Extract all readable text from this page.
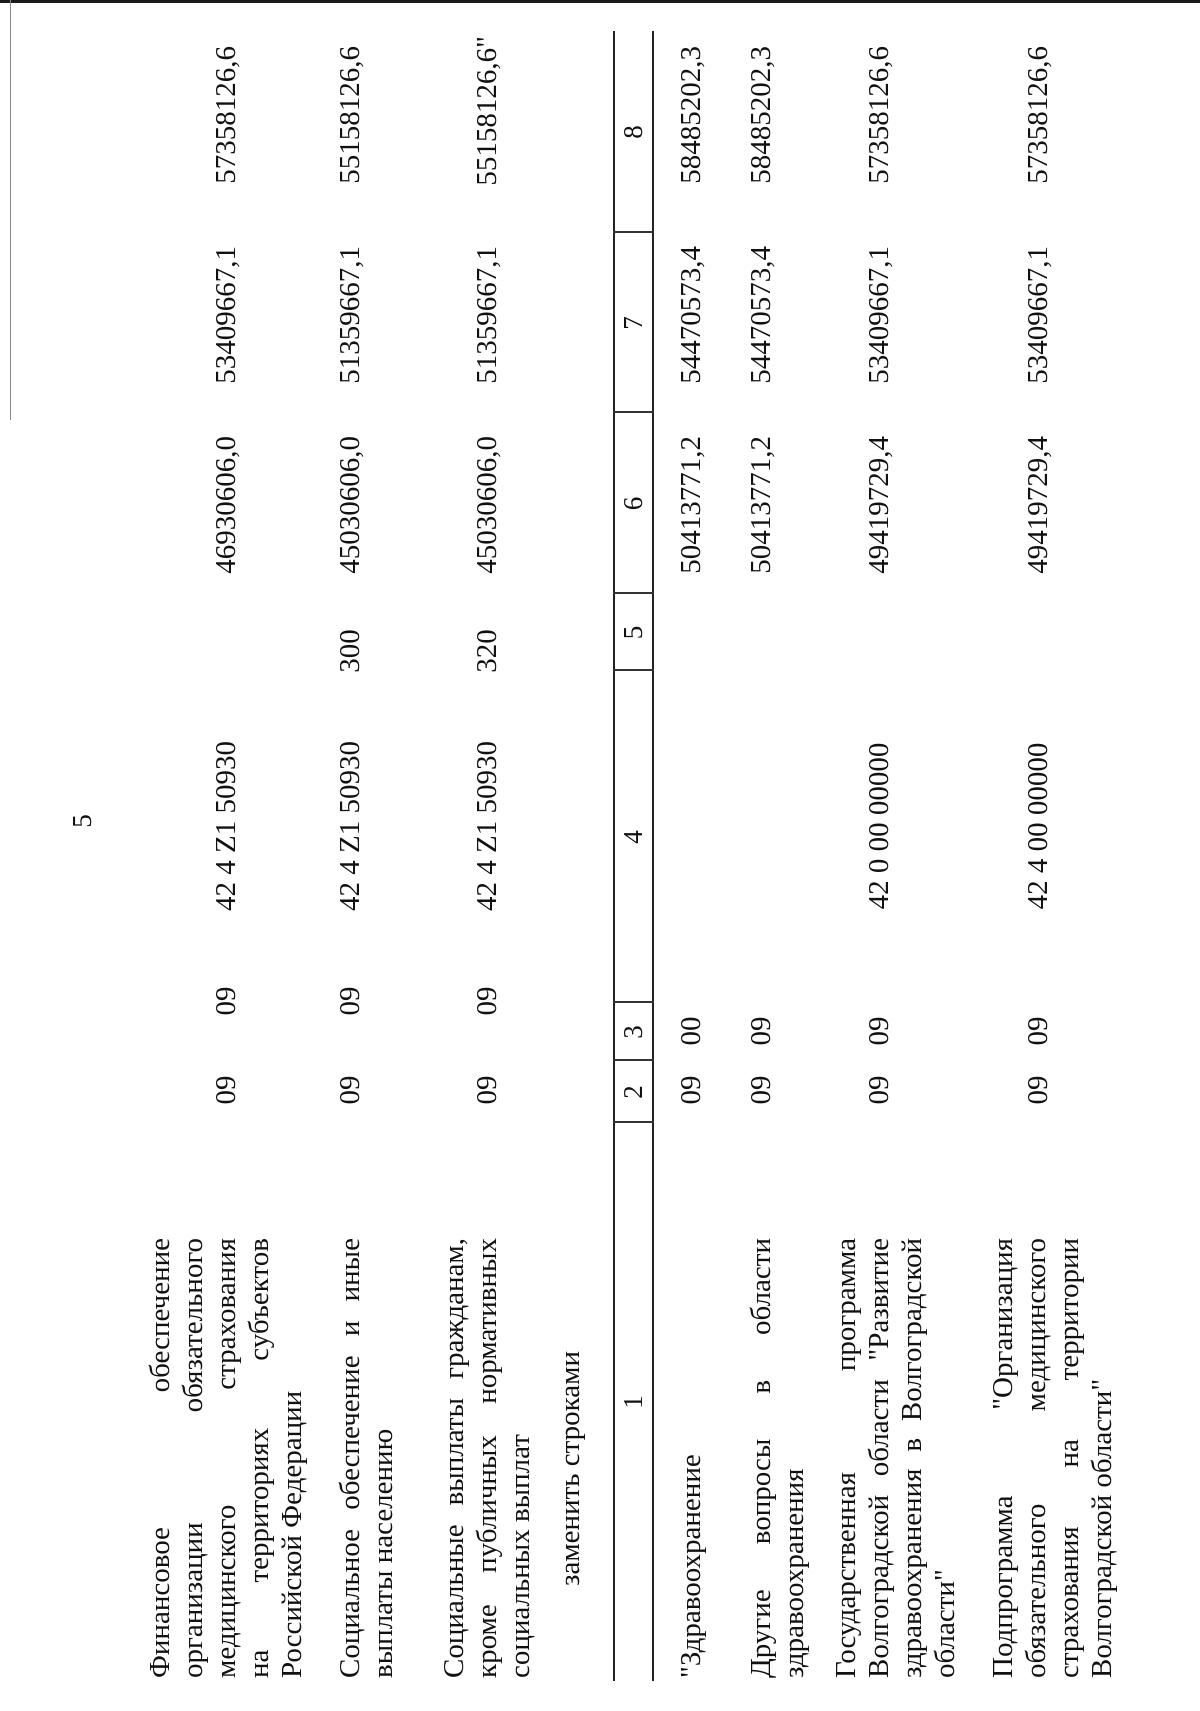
5
Финансовое обеспечение организации обязательного медицинского страхования на территориях субъектов Российской Федерации
09
09
42 4 Z1 50930
46930606,0
53409667,1
57358126,6
Социальное обеспечение и иные выплаты населению
09
09
42 4 Z1 50930
300
45030606,0
51359667,1
55158126,6
Социальные выплаты гражданам, кроме публичных нормативных социальных выплат
09
09
42 4 Z1 50930
320
45030606,0
51359667,1
55158126,6"
заменить строками 1
2
3
4
5
6
7
8
"Здравоохранение
09
00
50413771,2
54470573,4
58485202,3
Другие вопросы в области здравоохранения
09
09
50413771,2
54470573,4
58485202,3
Государственная программа Волгоградской области "Развитие здравоохранения в Волгоградской области"
09
09
42 0 00 00000
49419729,4
53409667,1
57358126,6
Подпрограмма "Организация обязательного медицинского страхования на территории Волгоградской области"
09
09
42 4 00 00000
49419729,4
53409667,1
57358126,6
